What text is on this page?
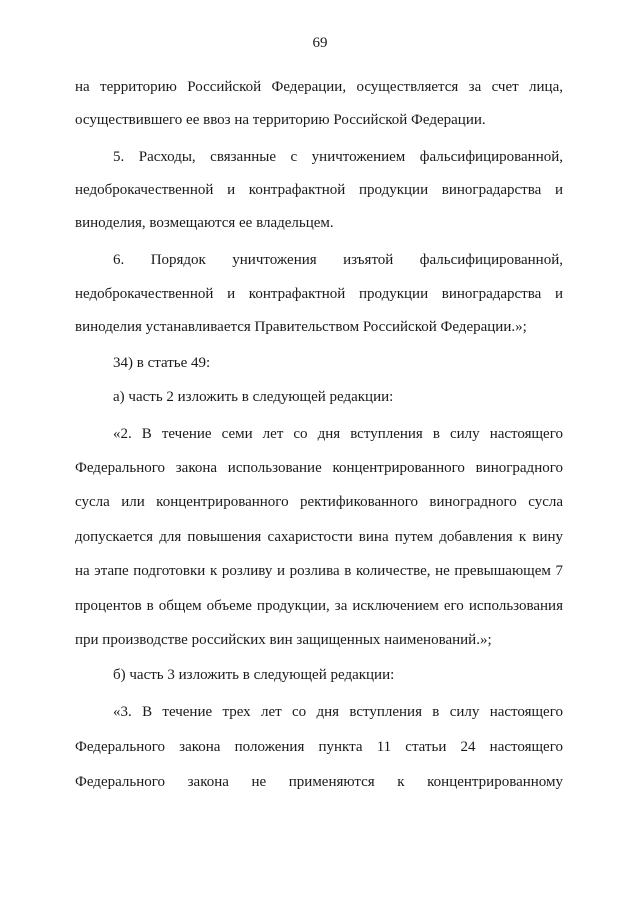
69
на территорию Российской Федерации, осуществляется за счет лица,
осуществившего ее ввоз на территорию Российской Федерации.
5. Расходы, связанные с уничтожением фальсифицированной,
недоброкачественной и контрафактной продукции виноградарства и
виноделия, возмещаются ее владельцем.
6. Порядок уничтожения изъятой фальсифицированной,
недоброкачественной и контрафактной продукции виноградарства и
виноделия устанавливается Правительством Российской Федерации.»;
34) в статье 49:
а) часть 2 изложить в следующей редакции:
«2. В течение семи лет со дня вступления в силу настоящего
Федерального закона использование концентрированного виноградного
сусла или концентрированного ректификованного виноградного сусла
допускается для повышения сахаристости вина путем добавления к вину
на этапе подготовки к розливу и розлива в количестве, не превышающем 7
процентов в общем объеме продукции, за исключением его использования
при производстве российских вин защищенных наименований.»;
б) часть 3 изложить в следующей редакции:
«3. В течение трех лет со дня вступления в силу настоящего
Федерального закона положения пункта 11 статьи 24 настоящего
Федерального закона не применяются к концентрированному
